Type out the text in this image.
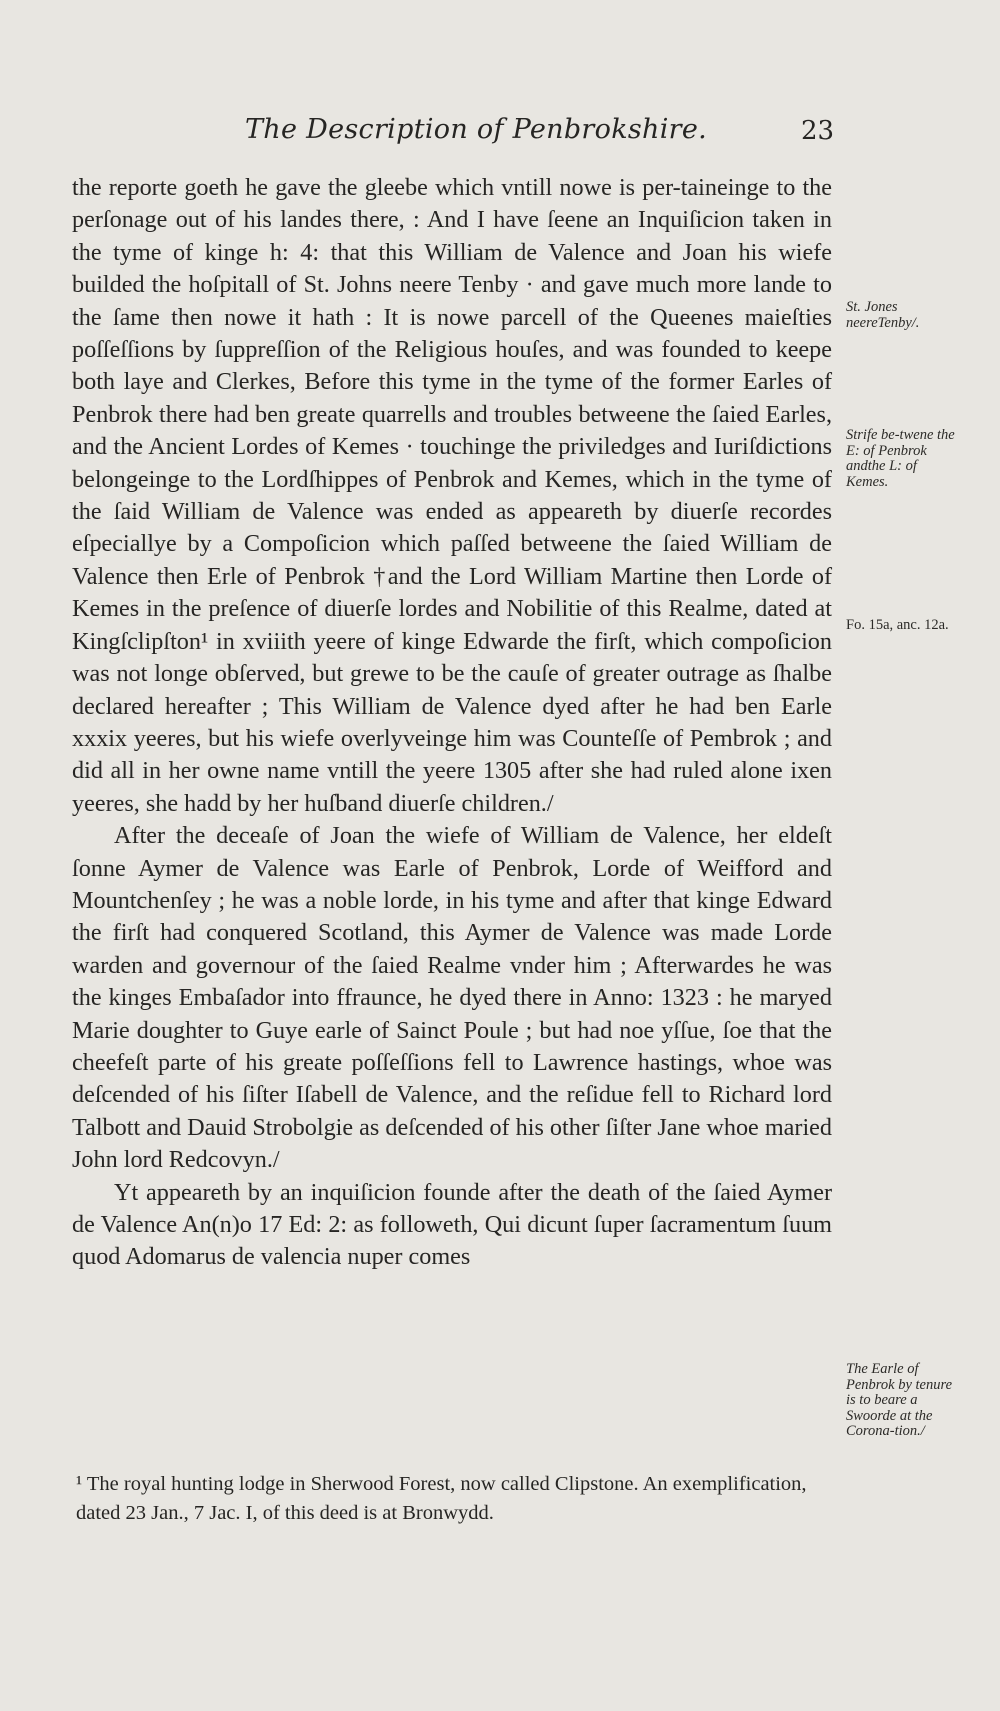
The Description of Penbrokshire.	23

the reporte goeth he gave the gleebe which vntill nowe is per-taineinge to the perſonage out of his landes there, : And I have ſeene an Inquiſicion taken in the tyme of kinge h: 4: that this William de Valence and Joan his wiefe builded the hoſpitall of St. Johns neere Tenby · and gave much more lande to the ſame then nowe it hath : It is nowe parcell of the Queenes maieſties poſſeſſions by ſuppreſſion of the Religious houſes, and was founded to keepe both laye and Clerkes, Before this tyme in the tyme of the former Earles of Penbrok there had ben greate quarrells and troubles betweene the ſaied Earles, and the Ancient Lordes of Kemes · touchinge the priviledges and Iuriſdictions belongeinge to the Lordſhippes of Penbrok and Kemes, which in the tyme of the ſaid William de Valence was ended as appeareth by diuerſe recordes eſpeciallye by a Compoſicion which paſſed betweene the ſaied William de Valence then Erle of Penbrok †and the Lord William Martine then Lorde of Kemes in the preſence of diuerſe lordes and Nobilitie of this Realme, dated at Kingſclipſton¹ in xviiith yeere of kinge Edwarde the firſt, which compoſicion was not longe obſerved, but grewe to be the cauſe of greater outrage as ſhalbe declared hereafter ; This William de Valence dyed after he had ben Earle xxxix yeeres, but his wiefe overlyveinge him was Counteſſe of Pembrok ; and did all in her owne name vntill the yeere 1305 after she had ruled alone ixen yeeres, she hadd by her huſband diuerſe children./

After the deceaſe of Joan the wiefe of William de Valence, her eldeſt ſonne Aymer de Valence was Earle of Penbrok, Lorde of Weifford and Mountchenſey ; he was a noble lorde, in his tyme and after that kinge Edward the firſt had conquered Scotland, this Aymer de Valence was made Lorde warden and governour of the ſaied Realme vnder him ; Afterwardes he was the kinges Embaſador into ffraunce, he dyed there in Anno: 1323 : he maryed Marie doughter to Guye earle of Sainct Poule ; but had noe yſſue, ſoe that the cheefeſt parte of his greate poſſeſſions fell to Lawrence hastings, whoe was deſcended of his ſiſter Iſabell de Valence, and the reſidue fell to Richard lord Talbott and Dauid Strobolgie as deſcended of his other ſiſter Jane whoe maried John lord Redcovyn./

Yt appeareth by an inquiſicion founde after the death of the ſaied Aymer de Valence An(n)o 17 Ed: 2: as followeth, Qui dicunt ſuper ſacramentum ſuum quod Adomarus de valencia nuper comes

St. Jones neereTenby/.
Strife be-twene the E: of Penbrok andthe L: of Kemes.
Fo. 15a, anc. 12a.
The Earle of Penbrok by tenure is to beare a Swoorde at the Corona-tion./
¹ The royal hunting lodge in Sherwood Forest, now called Clipstone. An exemplification, dated 23 Jan., 7 Jac. I, of this deed is at Bronwydd.
